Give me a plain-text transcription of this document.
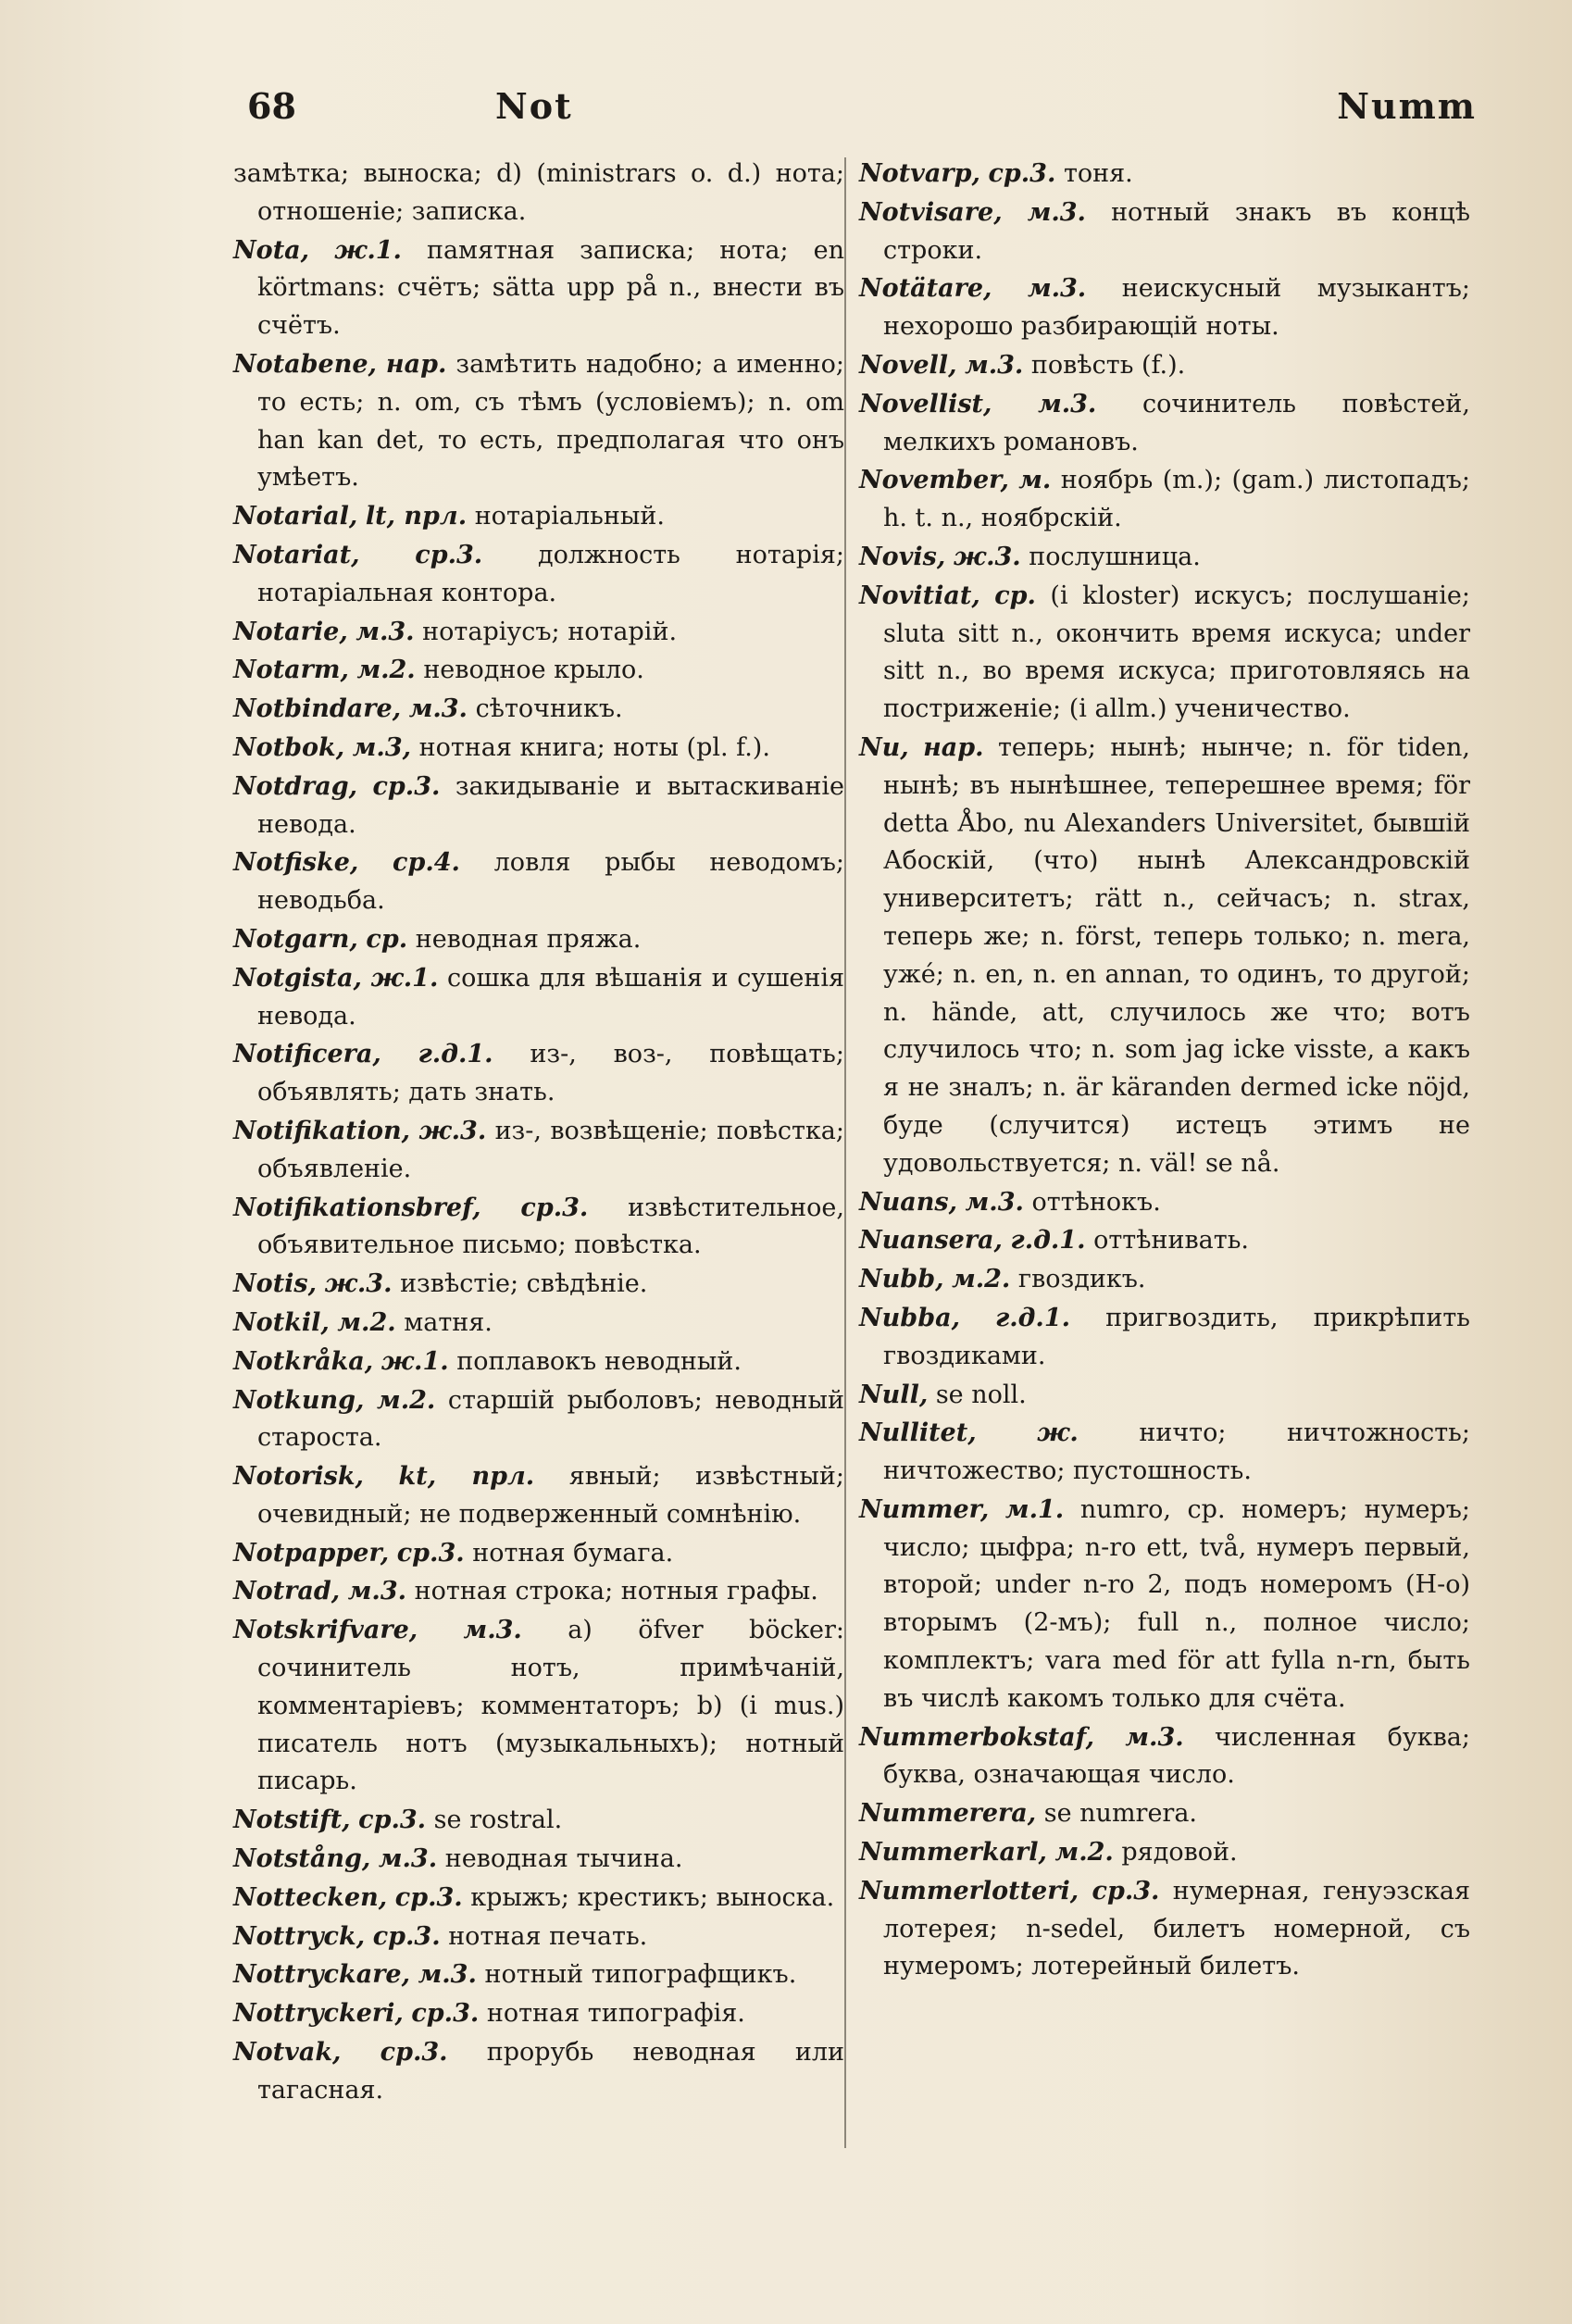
68	Not	Numm
замѣтка; выноска; d) (ministrars o. d.) нота; отношеніе; записка.
Nota, ж.1. памятная записка; нота; en körtmans: счётъ; sätta upp på n., внести въ счётъ.
Notabene, нар. замѣтить надобно; а именно; то есть; n. om, съ тѣмъ (условіемъ); n. om han kan det, то есть, предполагая что онъ умѣетъ.
Notarial, lt, прл. нотаріальный.
Notariat, ср.3. должность нотарія; нотаріальная контора.
Notarie, м.3. нотаріусъ; нотарій.
Notarm, м.2. неводное крыло.
Notbindare, м.3. сѣточникъ.
Notbok, м.3, нотная книга; ноты (pl. f.).
Notdrag, ср.3. закидываніе и вытаскиваніе невода.
Notfiske, ср.4. ловля рыбы неводомъ; неводьба.
Notgarn, ср. неводная пряжа.
Notgista, ж.1. сошка для вѣшанія и сушенія невода.
Notificera, г.д.1. из-, воз-, повѣщать; объявлять; дать знать.
Notifikation, ж.3. из-, возвѣщеніе; повѣстка; объявленіе.
Notifikationsbref, ср.3. извѣстительное, объявительное письмо; повѣстка.
Notis, ж.3. извѣстіе; свѣдѣніе.
Notkil, м.2. матня.
Notkråka, ж.1. поплавокъ неводный.
Notkung, м.2. старшій рыболовъ; неводный староста.
Notorisk, kt, прл. явный; извѣстный; очевидный; не подверженный сомнѣнію.
Notpapper, ср.3. нотная бумага.
Notrad, м.3. нотная строка; нотныя графы.
Notskrifvare, м.3. a) öfver böcker: сочинитель нотъ, примѣчаній, комментаріевъ; комментаторъ; b) (i mus.) писатель нотъ (музыкальныхъ); нотный писарь.
Notstift, ср.3. se rostral.
Notstång, м.3. неводная тычина.
Nottecken, ср.3. крыжъ; крестикъ; выноска.
Nottryck, ср.3. нотная печать.
Nottryckare, м.3. нотный типографщикъ.
Nottryckeri, ср.3. нотная типографія.
Notvak, ср.3. прорубь неводная или тагасная.
Notvarp, ср.3. тоня.
Notvisare, м.3. нотный знакъ въ концѣ строки.
Notätare, м.3. неискусный музыкантъ; нехорошо разбирающій ноты.
Novell, м.3. повѣсть (f.).
Novellist, м.3. сочинитель повѣстей, мелкихъ романовъ.
November, м. ноябрь (m.); (gam.) листопадъ; h. t. n., ноябрскій.
Novis, ж.3. послушница.
Novitiat, ср. (i kloster) искусъ; послушаніе; sluta sitt n., окончить время искуса; under sitt n., во время искуса; приготовляясь на постриженіе; (i allm.) ученичество.
Nu, нар. теперь; нынѣ; нынче; n. för tiden, нынѣ; въ нынѣшнее, теперешнее время; för detta Åbo, nu Alexanders Universitet, бывшій Абоскій, (что) нынѣ Александровскій университетъ; rätt n., сейчасъ; n. strax, теперь же; n. först, теперь только; n. mera, ужé; n. en, n. en annan, то одинъ, то другой; n. hände, att, случилось же что; вотъ случилось что; n. som jag icke visste, а какъ я не зналъ; n. är käranden dermed icke nöjd, буде (случится) истецъ этимъ не удовольствуется; n. väl! se nå.
Nuans, м.3. оттѣнокъ.
Nuansera, г.д.1. оттѣнивать.
Nubb, м.2. гвоздикъ.
Nubba, г.д.1. пригвоздить, прикрѣпить гвоздиками.
Null, se noll.
Nullitet, ж. ничто; ничтожность; ничтожество; пустошность.
Nummer, м.1. numro, ср. номеръ; нумеръ; число; цыфра; n-ro ett, två, нумеръ первый, второй; under n-ro 2, подъ номеромъ (Н-о) вторымъ (2-мъ); full n., полное число; комплектъ; vara med för att fylla n-rn, быть въ числѣ какомъ только для счёта.
Nummerbokstaf, м.3. численная буква; буква, означающая число.
Nummerera, se numrera.
Nummerkarl, м.2. рядовой.
Nummerlotteri, ср.3. нумерная, генуэзская лотерея; n-sedel, билетъ номерной, съ нумеромъ; лотерейный билетъ.
